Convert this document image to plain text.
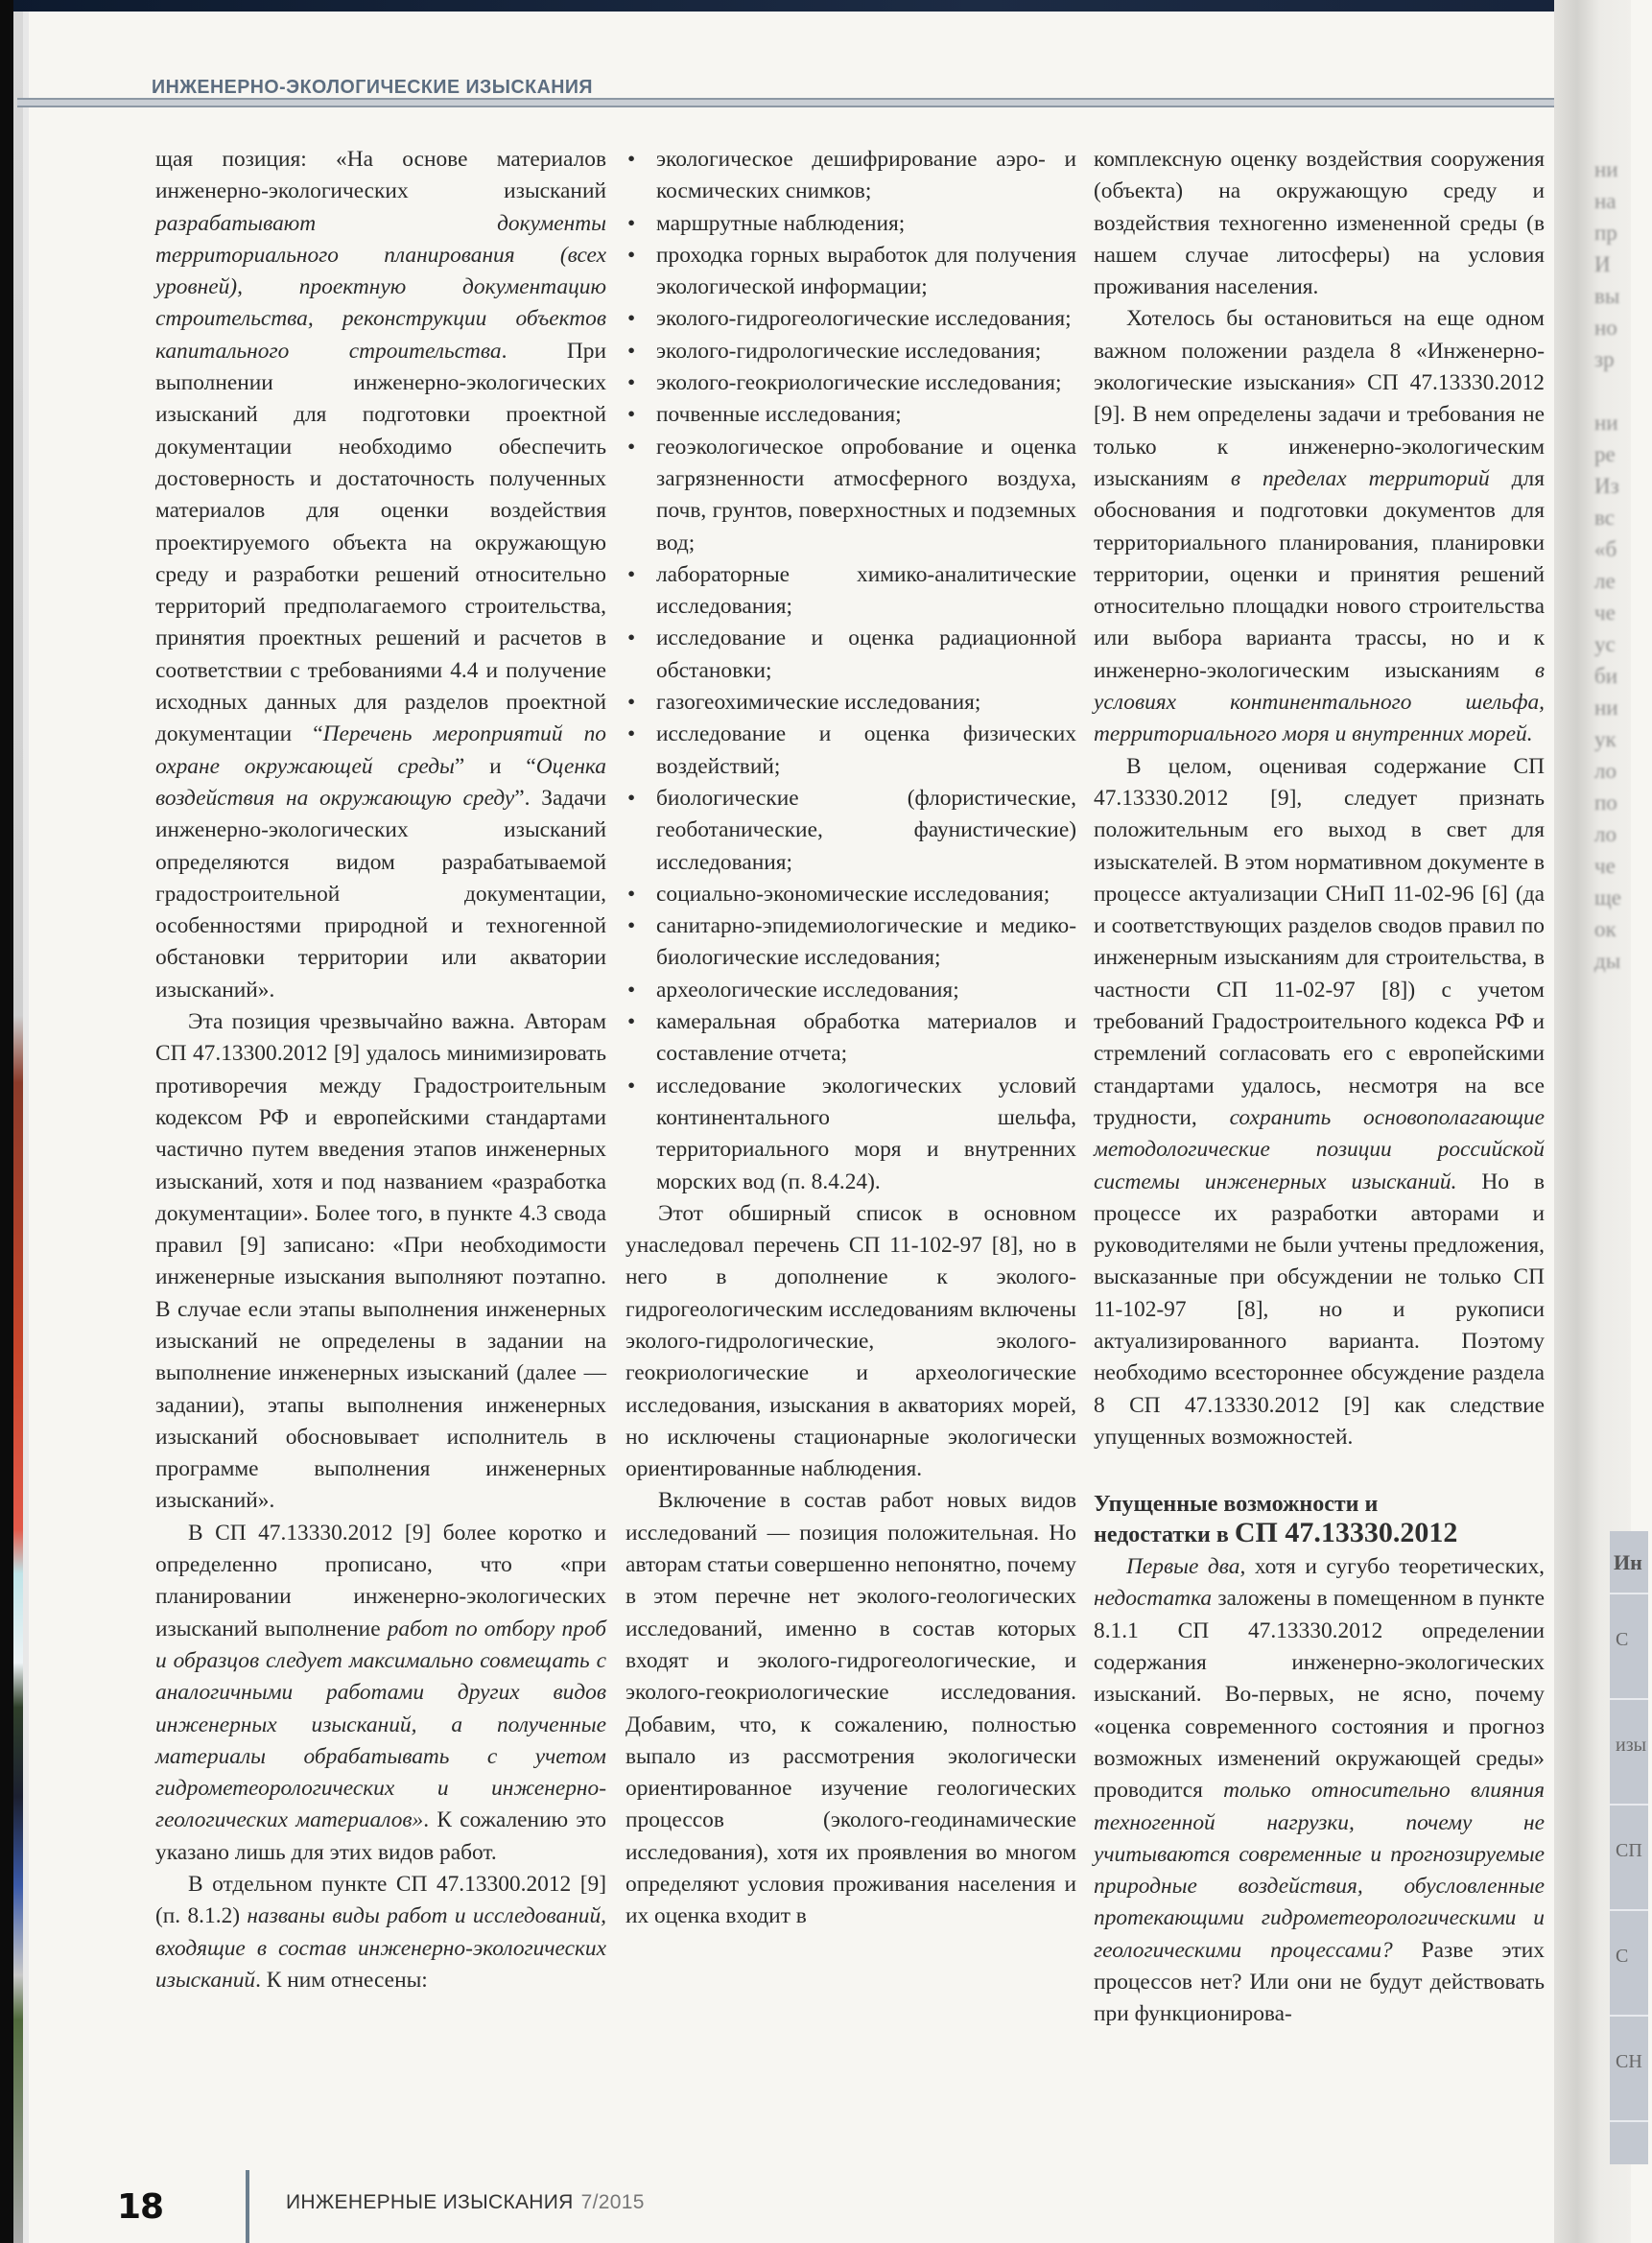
ИНЖЕНЕРНО-ЭКОЛОГИЧЕСКИЕ ИЗЫСКАНИЯ

щая позиция: «На основе материалов инженерно-экологических изысканий разрабатывают документы территориального планирования (всех уровней), проектную документацию строительства, реконструкции объектов капитального строительства. При выполнении инженерно-экологических изысканий для подготовки проектной документации необходимо обеспечить достоверность и достаточность полученных материалов для оценки воздействия проектируемого объекта на окружающую среду и разработки решений относительно территорий предполагаемого строительства, принятия проектных решений и расчетов в соответствии с требованиями 4.4 и получение исходных данных для разделов проектной документации “Перечень мероприятий по охране окружающей среды” и “Оценка воздействия на окружающую среду”. Задачи инженерно-экологических изысканий определяются видом разрабатываемой градостроительной документации, особенностями природной и техногенной обстановки территории или акватории изысканий».

Эта позиция чрезвычайно важна. Авторам СП 47.13300.2012 [9] удалось минимизировать противоречия между Градостроительным кодексом РФ и европейскими стандартами частично путем введения этапов инженерных изысканий, хотя и под названием «разработка документации». Более того, в пункте 4.3 свода правил [9] записано: «При необходимости инженерные изыскания выполняют поэтапно. В случае если этапы выполнения инженерных изысканий не определены в задании на выполнение инженерных изысканий (далее — задании), этапы выполнения инженерных изысканий обосновывает исполнитель в программе выполнения инженерных изысканий».

В СП 47.13330.2012 [9] более коротко и определенно прописано, что «при планировании инженерно-экологических изысканий выполнение работ по отбору проб и образцов следует максимально совмещать с аналогичными работами других видов инженерных изысканий, а полученные материалы обрабатывать с учетом гидрометеорологических и инженерно-геологических материалов». К сожалению это указано лишь для этих видов работ.

В отдельном пункте СП 47.13300.2012 [9] (п. 8.1.2) названы виды работ и исследований, входящие в состав инженерно-экологических изысканий. К ним отнесены:

• экологическое дешифрирование аэро- и космических снимков;
• маршрутные наблюдения;
• проходка горных выработок для получения экологической информации;
• эколого-гидрогеологические исследования;
• эколого-гидрологические исследования;
• эколого-геокриологические исследования;
• почвенные исследования;
• геоэкологическое опробование и оценка загрязненности атмосферного воздуха, почв, грунтов, поверхностных и подземных вод;
• лабораторные химико-аналитические исследования;
• исследование и оценка радиационной обстановки;
• газогеохимические исследования;
• исследование и оценка физических воздействий;
• биологические (флористические, геоботанические, фаунистические) исследования;
• социально-экономические исследования;
• санитарно-эпидемиологические и медико-биологические исследования;
• археологические исследования;
• камеральная обработка материалов и составление отчета;
• исследование экологических условий континентального шельфа, территориального моря и внутренних морских вод (п. 8.4.24).

Этот обширный список в основном унаследовал перечень СП 11-102-97 [8], но в него в дополнение к эколого-гидрогеологическим исследованиям включены эколого-гидрологические, эколого-геокриологические и археологические исследования, изыскания в акваториях морей, но исключены стационарные экологически ориентированные наблюдения.

Включение в состав работ новых видов исследований — позиция положительная. Но авторам статьи совершенно непонятно, почему в этом перечне нет эколого-геологических исследований, именно в состав которых входят и эколого-гидрогеологические, и эколого-геокриологические исследования. Добавим, что, к сожалению, полностью выпало из рассмотрения экологически ориентированное изучение геологических процессов (эколого-геодинамические исследования), хотя их проявления во многом определяют условия проживания населения и их оценка входит в

комплексную оценку воздействия сооружения (объекта) на окружающую среду и воздействия техногенно измененной среды (в нашем случае литосферы) на условия проживания населения.

Хотелось бы остановиться на еще одном важном положении раздела 8 «Инженерно-экологические изыскания» СП 47.13330.2012 [9]. В нем определены задачи и требования не только к инженерно-экологическим изысканиям в пределах территорий для обоснования и подготовки документов для территориального планирования, планировки территории, оценки и принятия решений относительно площадки нового строительства или выбора варианта трассы, но и к инженерно-экологическим изысканиям в условиях континентального шельфа, территориального моря и внутренних морей.

В целом, оценивая содержание СП 47.13330.2012 [9], следует признать положительным его выход в свет для изыскателей. В этом нормативном документе в процессе актуализации СНиП 11-02-96 [6] (да и соответствующих разделов сводов правил по инженерным изысканиям для строительства, в частности СП 11-02-97 [8]) с учетом требований Градостроительного кодекса РФ и стремлений согласовать его с европейскими стандартами удалось, несмотря на все трудности, сохранить основополагающие методологические позиции российской системы инженерных изысканий. Но в процессе их разработки авторами и руководителями не были учтены предложения, высказанные при обсуждении не только СП 11-102-97 [8], но и рукописи актуализированного варианта. Поэтому необходимо всестороннее обсуждение раздела 8 СП 47.13330.2012 [9] как следствие упущенных возможностей.

Упущенные возможности и
недостатки в СП 47.13330.2012

Первые два, хотя и сугубо теоретических, недостатка заложены в помещенном в пункте 8.1.1 СП 47.13330.2012 определении содержания инженерно-экологических изысканий. Во-первых, не ясно, почему «оценка современного состояния и прогноз возможных изменений окружающей среды» проводится только относительно влияния техногенной нагрузки, почему не учитываются современные и прогнозируемые природные воздействия, обусловленные протекающими гидрометеорологическими и геологическими процессами? Разве этих процессов нет? Или они не будут действовать при функционирова-

ни
на
пр
И
вы
но
зр
ни
ре
Из
вс
«б
ле
че
ус
би
ни
ук
ло
по
ло
че
ще
ок
ды
Ин
С
изы
СП
С
СН
18	ИНЖЕНЕРНЫЕ ИЗЫСКАНИЯ 7/2015
